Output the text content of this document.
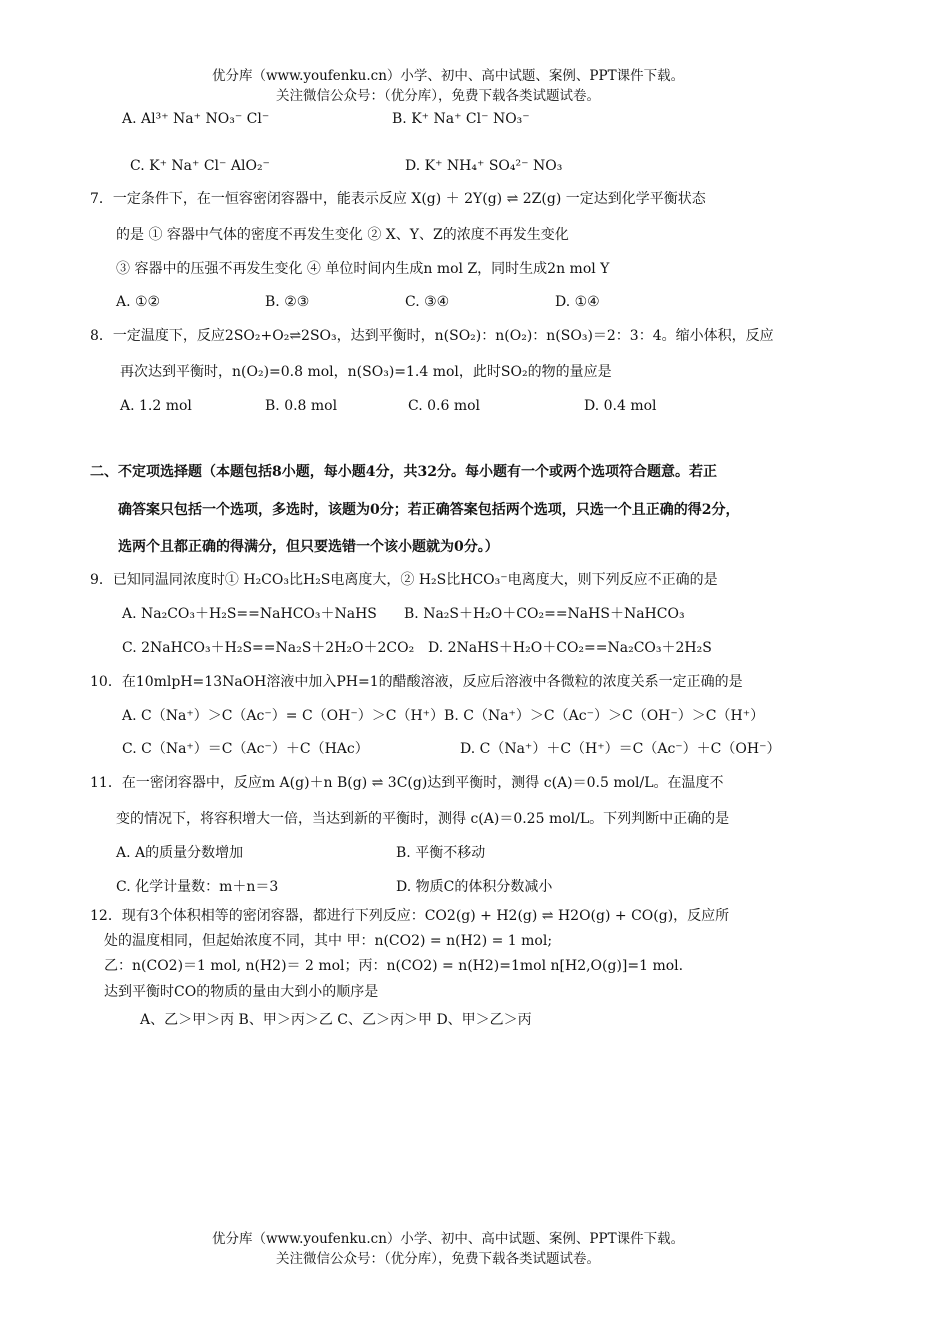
优分库（www.youfenku.cn）小学、初中、高中试题、案例、PPT课件下载。
关注微信公众号：（优分库），免费下载各类试题试卷。
A. Al³⁺ Na⁺ NO₃⁻ Cl⁻	B. K⁺ Na⁺ Cl⁻ NO₃⁻
C. K⁺ Na⁺ Cl⁻ AlO₂⁻	D. K⁺ NH₄⁺ SO₄²⁻ NO₃
7．一定条件下，在一恒容密闭容器中，能表示反应 X(g) ＋ 2Y(g) ⇌ 2Z(g) 一定达到化学平衡状态
的是 ① 容器中气体的密度不再发生变化 ② X、Y、Z的浓度不再发生变化
③ 容器中的压强不再发生变化 ④ 单位时间内生成n mol Z，同时生成2n mol Y
A. ①②	B. ②③	C. ③④	D. ①④
8．一定温度下，反应2SO₂+O₂⇌2SO₃，达到平衡时，n(SO₂)：n(O₂)：n(SO₃)＝2：3：4。缩小体积，反应
再次达到平衡时，n(O₂)=0.8 mol，n(SO₃)=1.4 mol，此时SO₂的物的量应是
A. 1.2 mol	B. 0.8 mol	C. 0.6 mol	D. 0.4 mol
二、不定项选择题（本题包括8小题，每小题4分，共32分。每小题有一个或两个选项符合题意。若正
确答案只包括一个选项，多选时，该题为0分；若正确答案包括两个选项，只选一个且正确的得2分，
选两个且都正确的得满分，但只要选错一个该小题就为0分。）
9．已知同温同浓度时① H₂CO₃比H₂S电离度大，② H₂S比HCO₃⁻电离度大，则下列反应不正确的是
A. Na₂CO₃＋H₂S==NaHCO₃＋NaHS B. Na₂S＋H₂O＋CO₂==NaHS＋NaHCO₃
C. 2NaHCO₃＋H₂S==Na₂S＋2H₂O＋2CO₂ D. 2NaHS＋H₂O＋CO₂==Na₂CO₃＋2H₂S
10．在10mlpH=13NaOH溶液中加入PH=1的醋酸溶液，反应后溶液中各微粒的浓度关系一定正确的是
A. C（Na⁺）＞C（Ac⁻）= C（OH⁻）＞C（H⁺）B. C（Na⁺）＞C（Ac⁻）＞C（OH⁻）＞C（H⁺）
C. C（Na⁺）＝C（Ac⁻）＋C（HAc）	D. C（Na⁺）＋C（H⁺）＝C（Ac⁻）＋C（OH⁻）
11．在一密闭容器中，反应m A(g)＋n B(g) ⇌ 3C(g)达到平衡时，测得 c(A)＝0.5 mol/L。在温度不
变的情况下，将容积增大一倍，当达到新的平衡时，测得 c(A)＝0.25 mol/L。下列判断中正确的是
A. A的质量分数增加	B. 平衡不移动
C. 化学计量数：m＋n＝3	D. 物质C的体积分数减小
12．现有3个体积相等的密闭容器，都进行下列反应：CO2(g) + H2(g) ⇌ H2O(g) + CO(g)，反应所
处的温度相同，但起始浓度不同，其中 甲：n(CO2) = n(H2) = 1 mol;
乙：n(CO2)＝1 mol, n(H2)＝ 2 mol；丙：n(CO2) = n(H2)=1mol n[H2,O(g)]=1 mol.
达到平衡时CO的物质的量由大到小的顺序是
A、乙＞甲＞丙 B、甲＞丙＞乙 C、乙＞丙＞甲 D、甲＞乙＞丙
优分库（www.youfenku.cn）小学、初中、高中试题、案例、PPT课件下载。
关注微信公众号：（优分库），免费下载各类试题试卷。
